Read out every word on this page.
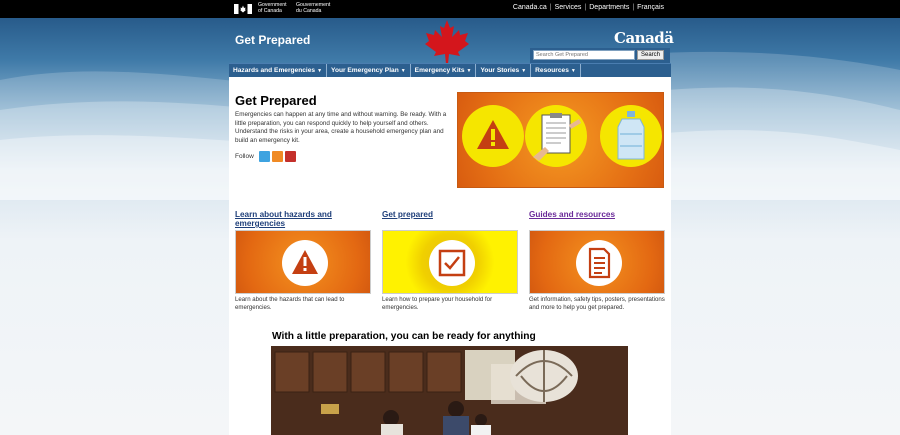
Government
of Canada
Gouvernement
du Canada	Canada.ca | Services | Departments | Français
Get Prepared	Canadä
Search Get Prepared
Search
Hazards and Emergencies ▼	Your Emergency Plan ▼	Emergency Kits ▼	Your Stories ▼	Resources ▼
Get Prepared

Emergencies can happen at any time and without warning. Be ready. With a little preparation, you can respond quickly to help yourself and others. Understand the risks in your area, create a household emergency plan and build an emergency kit.

Follow
Learn about hazards and emergencies

Learn about the hazards that can lead to emergencies.

Get prepared

Learn how to prepare your household for emergencies.

Guides and resources

Get information, safety tips, posters, presentations and more to help you get prepared.

With a little preparation, you can be ready for anything
